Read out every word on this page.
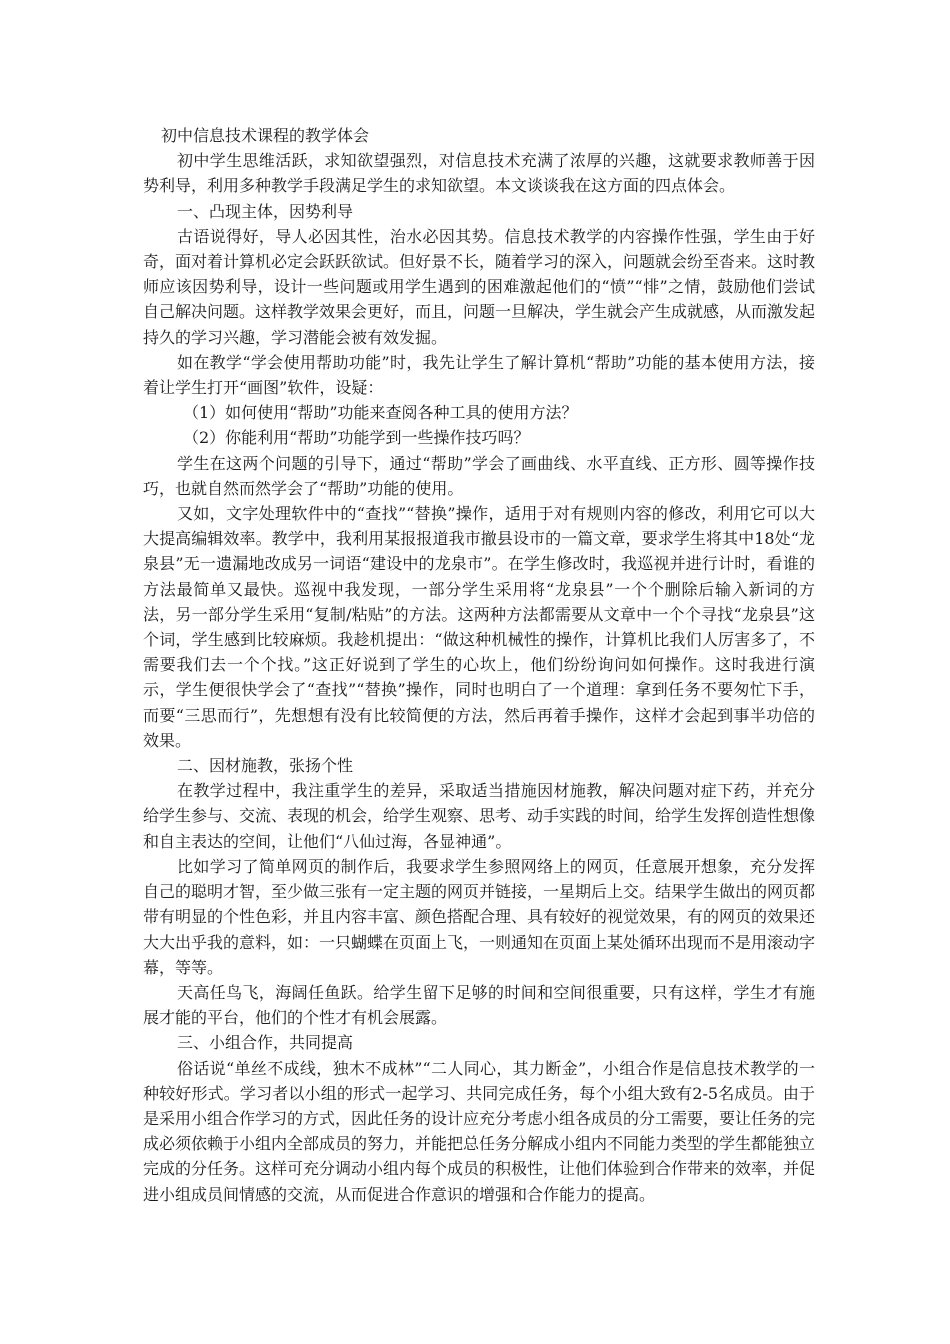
初中信息技术课程的教学体会

初中学生思维活跃，求知欲望强烈，对信息技术充满了浓厚的兴趣，这就要求教师善于因势利导，利用多种教学手段满足学生的求知欲望。本文谈谈我在这方面的四点体会。

一、凸现主体，因势利导

古语说得好，导人必因其性，治水必因其势。信息技术教学的内容操作性强，学生由于好奇，面对着计算机必定会跃跃欲试。但好景不长，随着学习的深入，问题就会纷至沓来。这时教师应该因势利导，设计一些问题或用学生遇到的困难激起他们的“愤”“悱”之情，鼓励他们尝试自己解决问题。这样教学效果会更好，而且，问题一旦解决，学生就会产生成就感，从而激发起持久的学习兴趣，学习潜能会被有效发掘。

如在教学“学会使用帮助功能”时，我先让学生了解计算机“帮助”功能的基本使用方法，接着让学生打开“画图”软件，设疑：

（1）如何使用“帮助”功能来查阅各种工具的使用方法？

（2）你能利用“帮助”功能学到一些操作技巧吗？

学生在这两个问题的引导下，通过“帮助”学会了画曲线、水平直线、正方形、圆等操作技巧，也就自然而然学会了“帮助”功能的使用。

又如，文字处理软件中的“查找”“替换”操作，适用于对有规则内容的修改，利用它可以大大提高编辑效率。教学中，我利用某报报道我市撤县设市的一篇文章，要求学生将其中18处“龙泉县”无一遗漏地改成另一词语“建设中的龙泉市”。在学生修改时，我巡视并进行计时，看谁的方法最简单又最快。巡视中我发现，一部分学生采用将“龙泉县”一个个删除后输入新词的方法，另一部分学生采用“复制/粘贴”的方法。这两种方法都需要从文章中一个个寻找“龙泉县”这个词，学生感到比较麻烦。我趁机提出：“做这种机械性的操作，计算机比我们人厉害多了，不需要我们去一个个找。”这正好说到了学生的心坎上，他们纷纷询问如何操作。这时我进行演示，学生便很快学会了“查找”“替换”操作，同时也明白了一个道理：拿到任务不要匆忙下手，而要“三思而行”，先想想有没有比较简便的方法，然后再着手操作，这样才会起到事半功倍的效果。

二、因材施教，张扬个性

在教学过程中，我注重学生的差异，采取适当措施因材施教，解决问题对症下药，并充分给学生参与、交流、表现的机会，给学生观察、思考、动手实践的时间，给学生发挥创造性想像和自主表达的空间，让他们“八仙过海，各显神通”。

比如学习了简单网页的制作后，我要求学生参照网络上的网页，任意展开想象，充分发挥自己的聪明才智，至少做三张有一定主题的网页并链接，一星期后上交。结果学生做出的网页都带有明显的个性色彩，并且内容丰富、颜色搭配合理、具有较好的视觉效果，有的网页的效果还大大出乎我的意料，如：一只蝴蝶在页面上飞，一则通知在页面上某处循环出现而不是用滚动字幕，等等。

天高任鸟飞，海阔任鱼跃。给学生留下足够的时间和空间很重要，只有这样，学生才有施展才能的平台，他们的个性才有机会展露。

三、小组合作，共同提高

俗话说“单丝不成线，独木不成林”“二人同心，其力断金”，小组合作是信息技术教学的一种较好形式。学习者以小组的形式一起学习、共同完成任务，每个小组大致有2-5名成员。由于是采用小组合作学习的方式，因此任务的设计应充分考虑小组各成员的分工需要，要让任务的完成必须依赖于小组内全部成员的努力，并能把总任务分解成小组内不同能力类型的学生都能独立完成的分任务。这样可充分调动小组内每个成员的积极性，让他们体验到合作带来的效率，并促进小组成员间情感的交流，从而促进合作意识的增强和合作能力的提高。
